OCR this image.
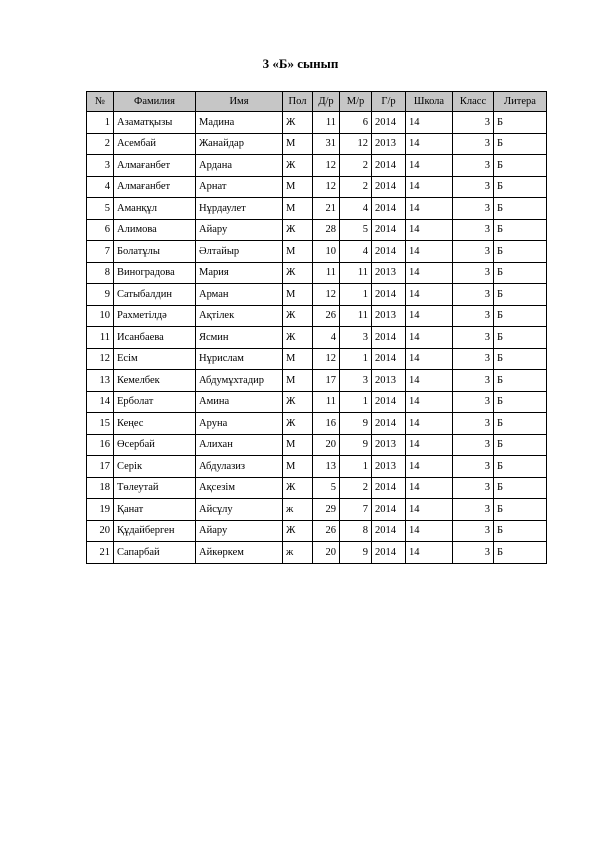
3 «Б» сынып
№	Фамилия	Имя	Пол	Д/р	М/р	Г/р	Школа	Класс	Литера
1	Азаматқызы	Мадина	Ж	11	6	2014	14	3	Б
2	Асембай	Жанайдар	М	31	12	2013	14	3	Б
3	Алмағанбет	Ардана	Ж	12	2	2014	14	3	Б
4	Алмағанбет	Арнат	М	12	2	2014	14	3	Б
5	Аманқұл	Нұрдаулет	М	21	4	2014	14	3	Б
6	Алимова	Айару	Ж	28	5	2014	14	3	Б
7	Болатұлы	Әлтайыр	М	10	4	2014	14	3	Б
8	Виноградова	Мария	Ж	11	11	2013	14	3	Б
9	Сатыбалдин	Арман	М	12	1	2014	14	3	Б
10	Рахметілдә	Ақтілек	Ж	26	11	2013	14	3	Б
11	Исанбаева	Ясмин	Ж	4	3	2014	14	3	Б
12	Есім	Нұрислам	М	12	1	2014	14	3	Б
13	Кемелбек	Абдумұхтадир	М	17	3	2013	14	3	Б
14	Ерболат	Амина	Ж	11	1	2014	14	3	Б
15	Кеңес	Аруна	Ж	16	9	2014	14	3	Б
16	Өсербай	Алихан	М	20	9	2013	14	3	Б
17	Серік	Абдулазиз	М	13	1	2013	14	3	Б
18	Төлеутай	Ақсезім	Ж	5	2	2014	14	3	Б
19	Қанат	Айсұлу	ж	29	7	2014	14	3	Б
20	Құдайберген	Айару	Ж	26	8	2014	14	3	Б
21	Сапарбай	Айкөркем	ж	20	9	2014	14	3	Б
